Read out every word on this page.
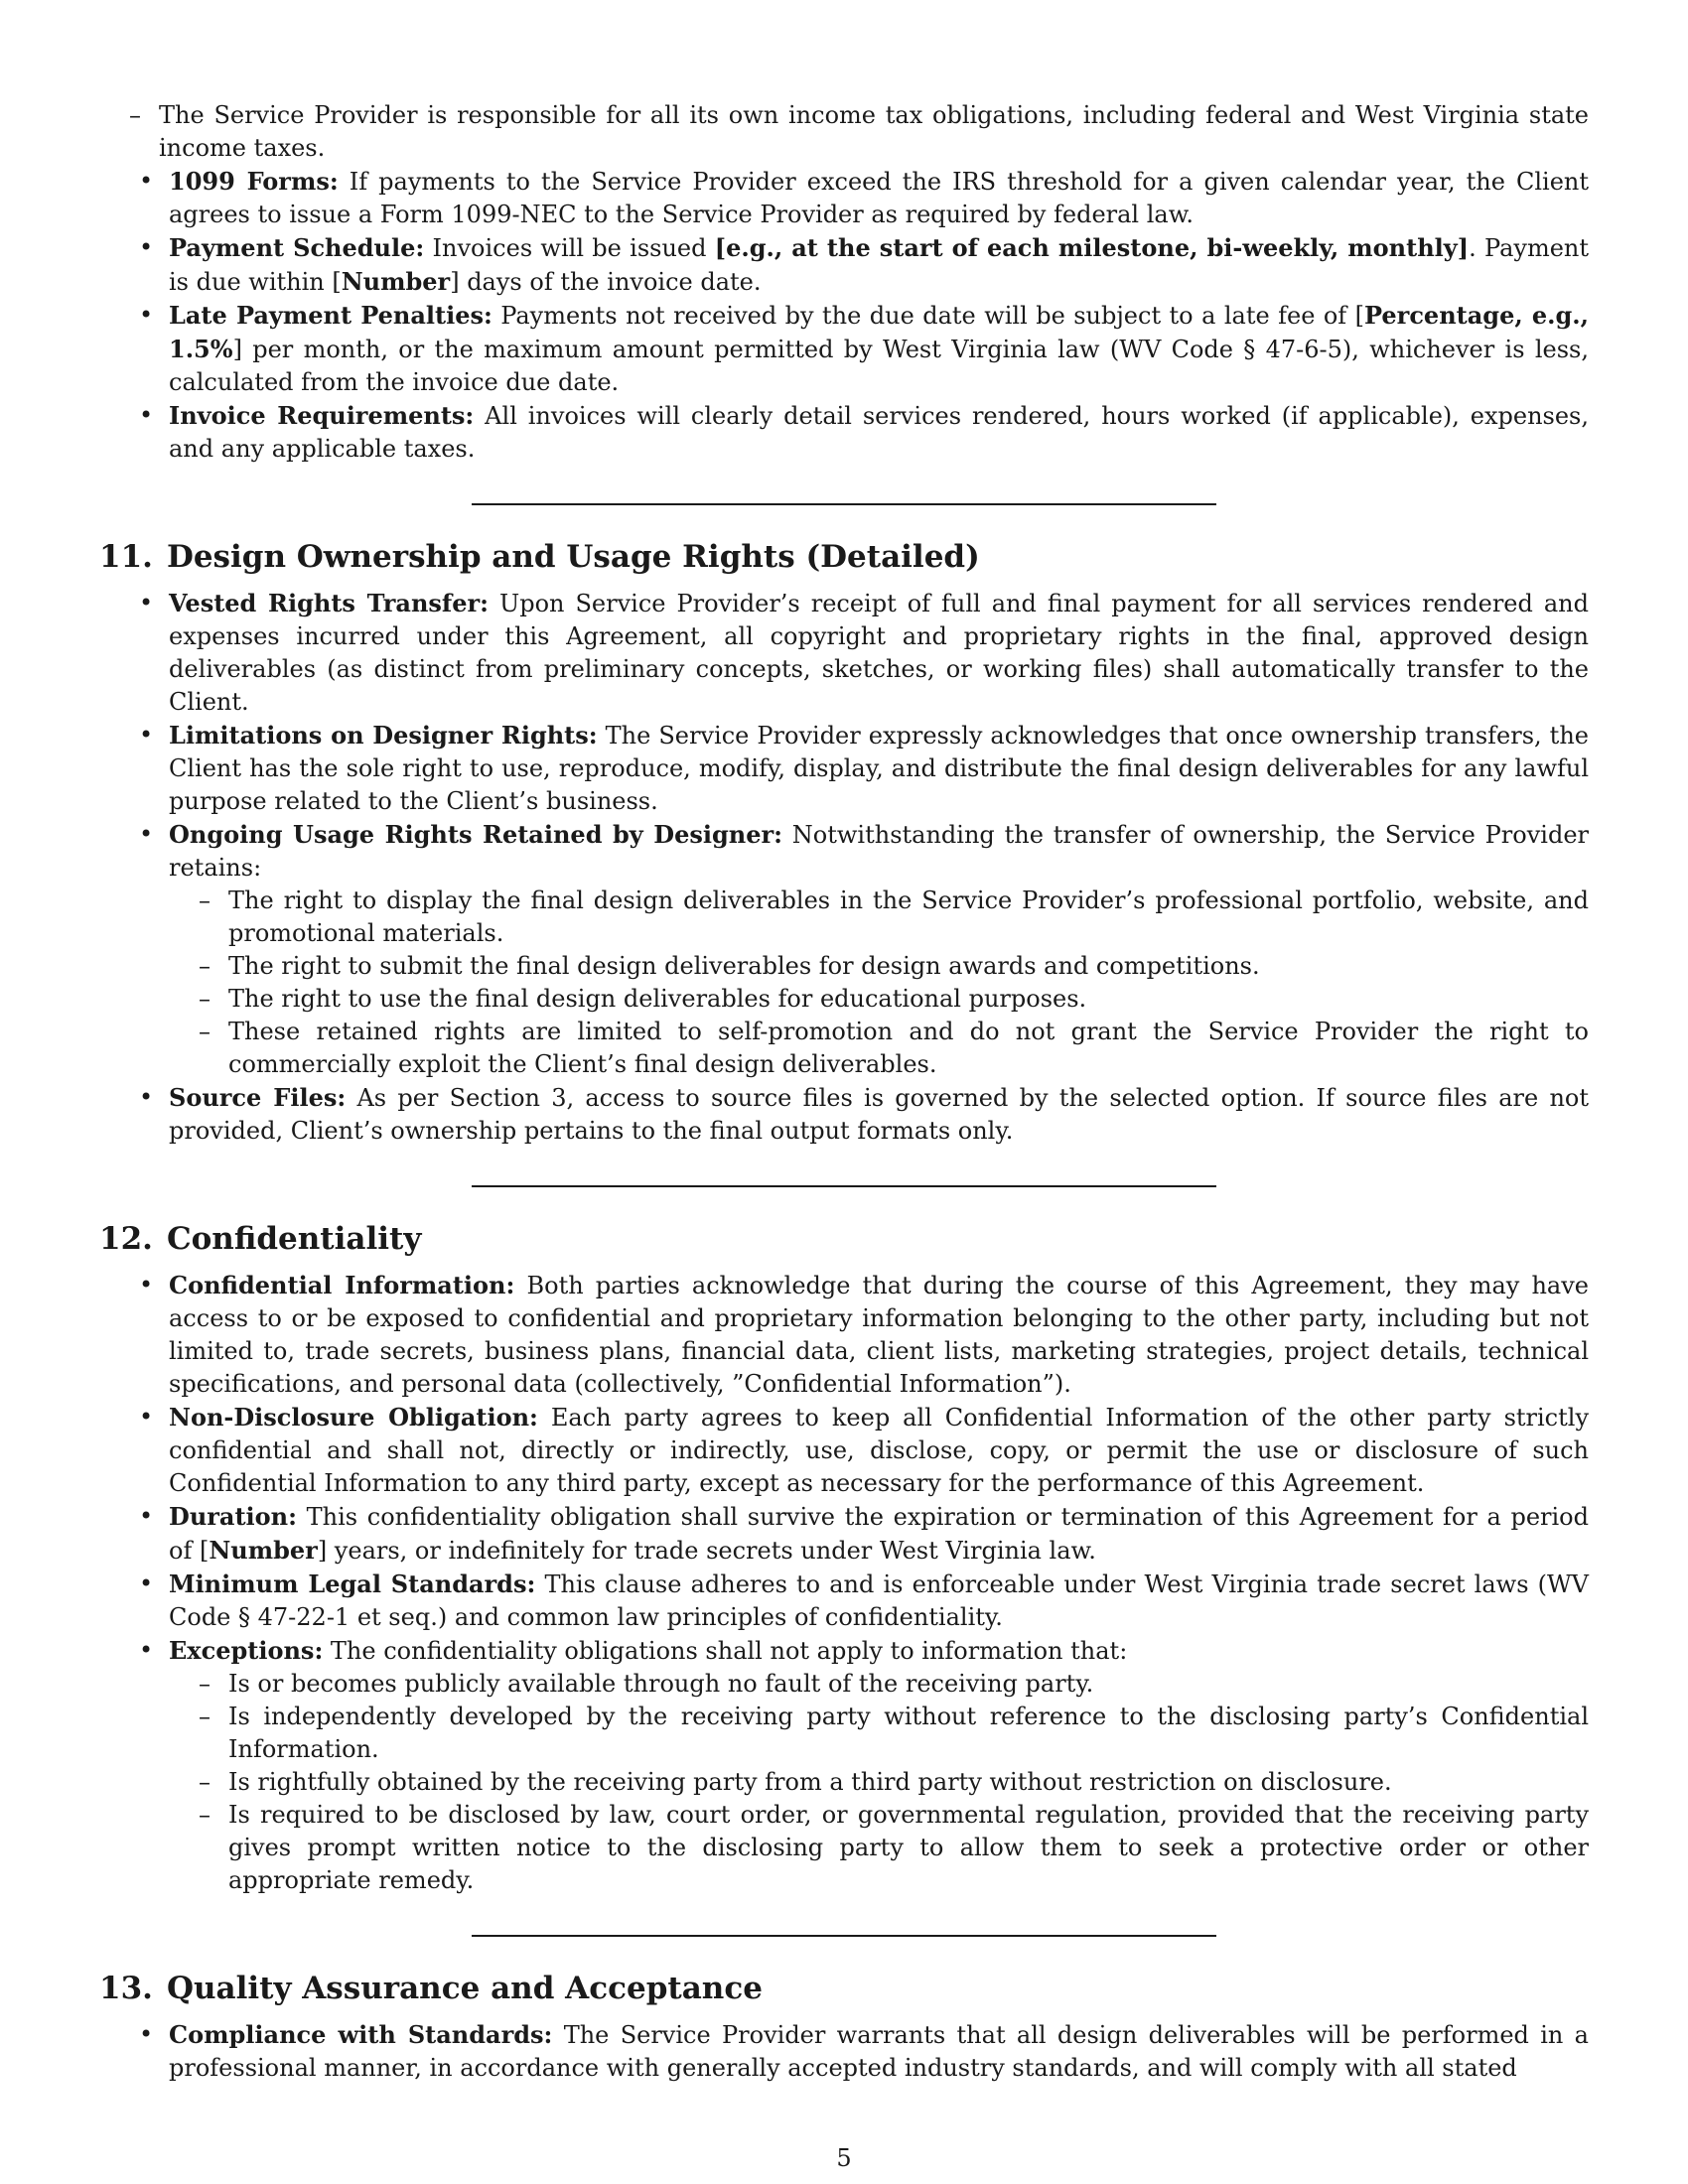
– The Service Provider is responsible for all its own income tax obligations, including federal and West Virginia state income taxes.
• 1099 Forms: If payments to the Service Provider exceed the IRS threshold for a given calendar year, the Client agrees to issue a Form 1099-NEC to the Service Provider as required by federal law.
• Payment Schedule: Invoices will be issued [e.g., at the start of each milestone, bi-weekly, monthly]. Payment is due within [Number] days of the invoice date.
• Late Payment Penalties: Payments not received by the due date will be subject to a late fee of [Percentage, e.g., 1.5%] per month, or the maximum amount permitted by West Virginia law (WV Code § 47-6-5), whichever is less, calculated from the invoice due date.
• Invoice Requirements: All invoices will clearly detail services rendered, hours worked (if applicable), expenses, and any applicable taxes.
11. Design Ownership and Usage Rights (Detailed)
• Vested Rights Transfer: Upon Service Provider’s receipt of full and final payment for all services rendered and expenses incurred under this Agreement, all copyright and proprietary rights in the final, approved design deliverables (as distinct from preliminary concepts, sketches, or working files) shall automatically transfer to the Client.
• Limitations on Designer Rights: The Service Provider expressly acknowledges that once ownership transfers, the Client has the sole right to use, reproduce, modify, display, and distribute the final design deliverables for any lawful purpose related to the Client’s business.
• Ongoing Usage Rights Retained by Designer: Notwithstanding the transfer of ownership, the Service Provider retains:
– The right to display the final design deliverables in the Service Provider’s professional portfolio, website, and promotional materials.
– The right to submit the final design deliverables for design awards and competitions.
– The right to use the final design deliverables for educational purposes.
– These retained rights are limited to self-promotion and do not grant the Service Provider the right to commercially exploit the Client’s final design deliverables.
• Source Files: As per Section 3, access to source files is governed by the selected option. If source files are not provided, Client’s ownership pertains to the final output formats only.
12. Confidentiality
• Confidential Information: Both parties acknowledge that during the course of this Agreement, they may have access to or be exposed to confidential and proprietary information belonging to the other party, including but not limited to, trade secrets, business plans, financial data, client lists, marketing strategies, project details, technical specifications, and personal data (collectively, ”Confidential Information”).
• Non-Disclosure Obligation: Each party agrees to keep all Confidential Information of the other party strictly confidential and shall not, directly or indirectly, use, disclose, copy, or permit the use or disclosure of such Confidential Information to any third party, except as necessary for the performance of this Agreement.
• Duration: This confidentiality obligation shall survive the expiration or termination of this Agreement for a period of [Number] years, or indefinitely for trade secrets under West Virginia law.
• Minimum Legal Standards: This clause adheres to and is enforceable under West Virginia trade secret laws (WV Code § 47-22-1 et seq.) and common law principles of confidentiality.
• Exceptions: The confidentiality obligations shall not apply to information that:
– Is or becomes publicly available through no fault of the receiving party.
– Is independently developed by the receiving party without reference to the disclosing party’s Confidential Information.
– Is rightfully obtained by the receiving party from a third party without restriction on disclosure.
– Is required to be disclosed by law, court order, or governmental regulation, provided that the receiving party gives prompt written notice to the disclosing party to allow them to seek a protective order or other appropriate remedy.
13. Quality Assurance and Acceptance
• Compliance with Standards: The Service Provider warrants that all design deliverables will be performed in a professional manner, in accordance with generally accepted industry standards, and will comply with all stated
5
